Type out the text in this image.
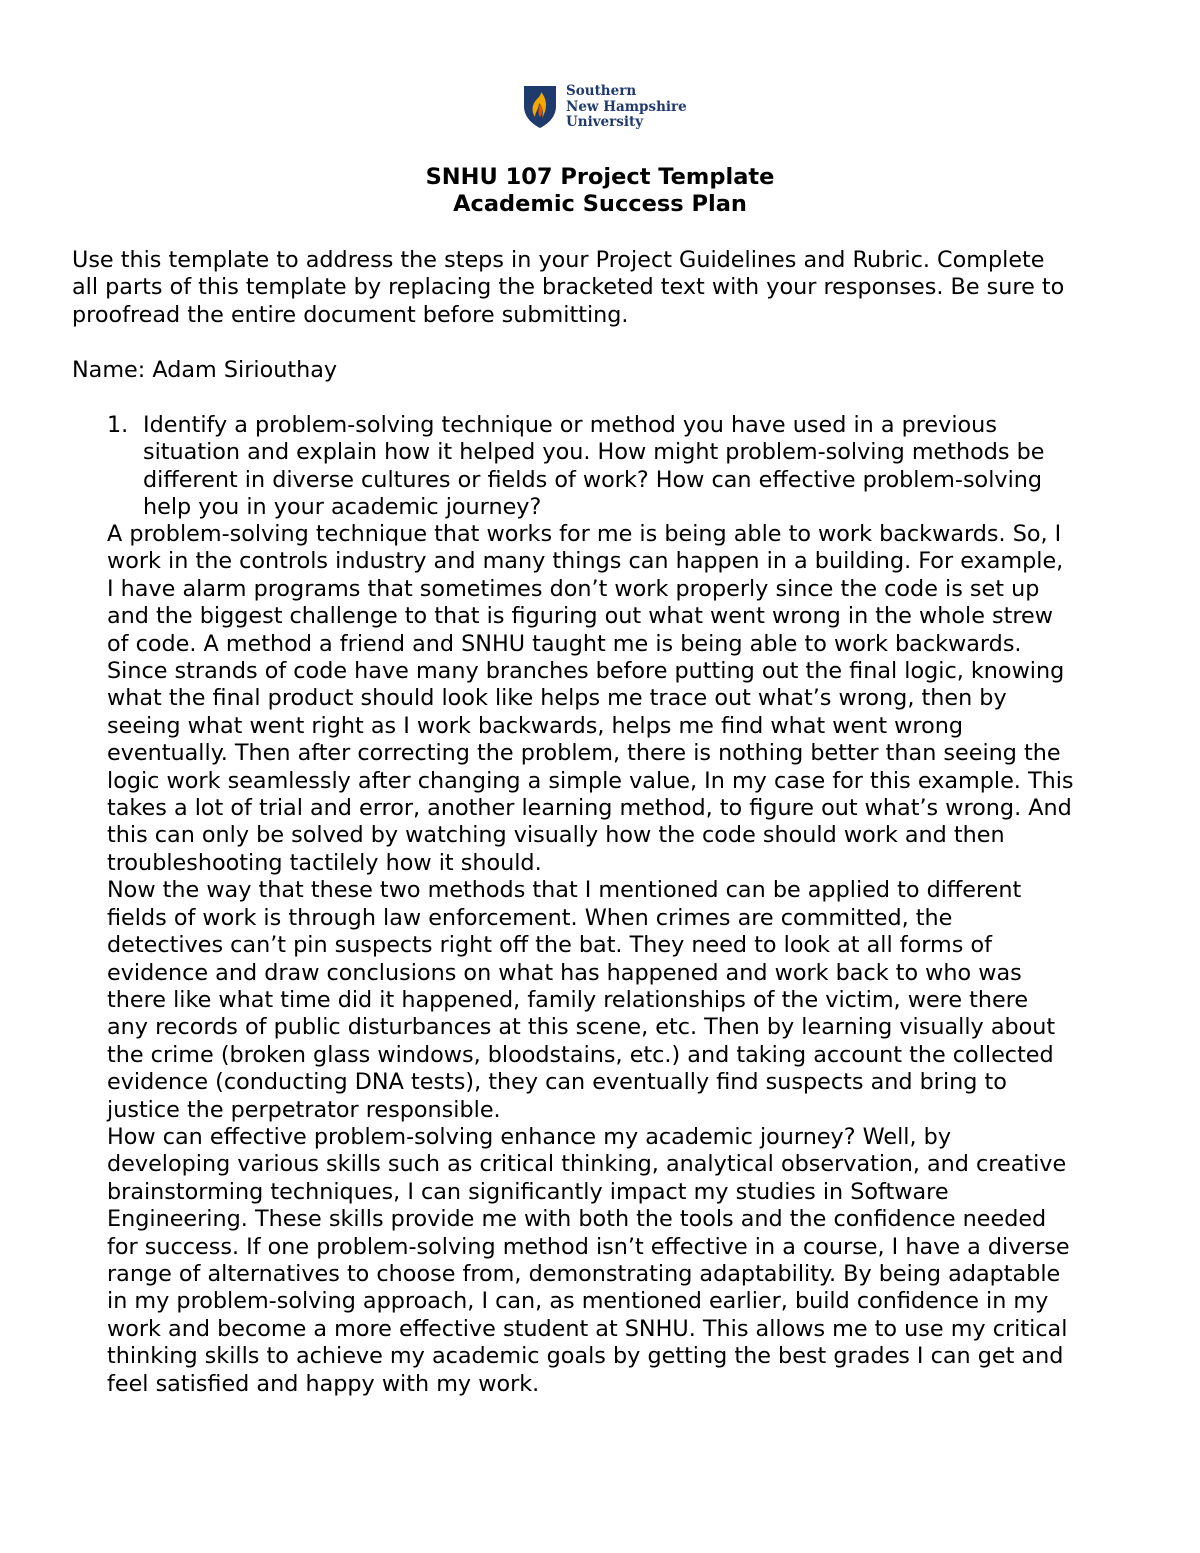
Southern
New Hampshire
University
SNHU 107 Project Template
Academic Success Plan
Use this template to address the steps in your Project Guidelines and Rubric. Complete
all parts of this template by replacing the bracketed text with your responses. Be sure to
proofread the entire document before submitting.
Name: Adam Siriouthay
1. Identify a problem-solving technique or method you have used in a previous
situation and explain how it helped you. How might problem-solving methods be
different in diverse cultures or fields of work? How can effective problem-solving
help you in your academic journey?
A problem-solving technique that works for me is being able to work backwards. So, I
work in the controls industry and many things can happen in a building. For example,
I have alarm programs that sometimes don’t work properly since the code is set up
and the biggest challenge to that is figuring out what went wrong in the whole strew
of code. A method a friend and SNHU taught me is being able to work backwards.
Since strands of code have many branches before putting out the final logic, knowing
what the final product should look like helps me trace out what’s wrong, then by
seeing what went right as I work backwards, helps me find what went wrong
eventually. Then after correcting the problem, there is nothing better than seeing the
logic work seamlessly after changing a simple value, In my case for this example. This
takes a lot of trial and error, another learning method, to figure out what’s wrong. And
this can only be solved by watching visually how the code should work and then
troubleshooting tactilely how it should.
Now the way that these two methods that I mentioned can be applied to different
fields of work is through law enforcement. When crimes are committed, the
detectives can’t pin suspects right off the bat. They need to look at all forms of
evidence and draw conclusions on what has happened and work back to who was
there like what time did it happened, family relationships of the victim, were there
any records of public disturbances at this scene, etc. Then by learning visually about
the crime (broken glass windows, bloodstains, etc.) and taking account the collected
evidence (conducting DNA tests), they can eventually find suspects and bring to
justice the perpetrator responsible.
How can effective problem-solving enhance my academic journey? Well, by
developing various skills such as critical thinking, analytical observation, and creative
brainstorming techniques, I can significantly impact my studies in Software
Engineering. These skills provide me with both the tools and the confidence needed
for success. If one problem-solving method isn’t effective in a course, I have a diverse
range of alternatives to choose from, demonstrating adaptability. By being adaptable
in my problem-solving approach, I can, as mentioned earlier, build confidence in my
work and become a more effective student at SNHU. This allows me to use my critical
thinking skills to achieve my academic goals by getting the best grades I can get and
feel satisfied and happy with my work.
